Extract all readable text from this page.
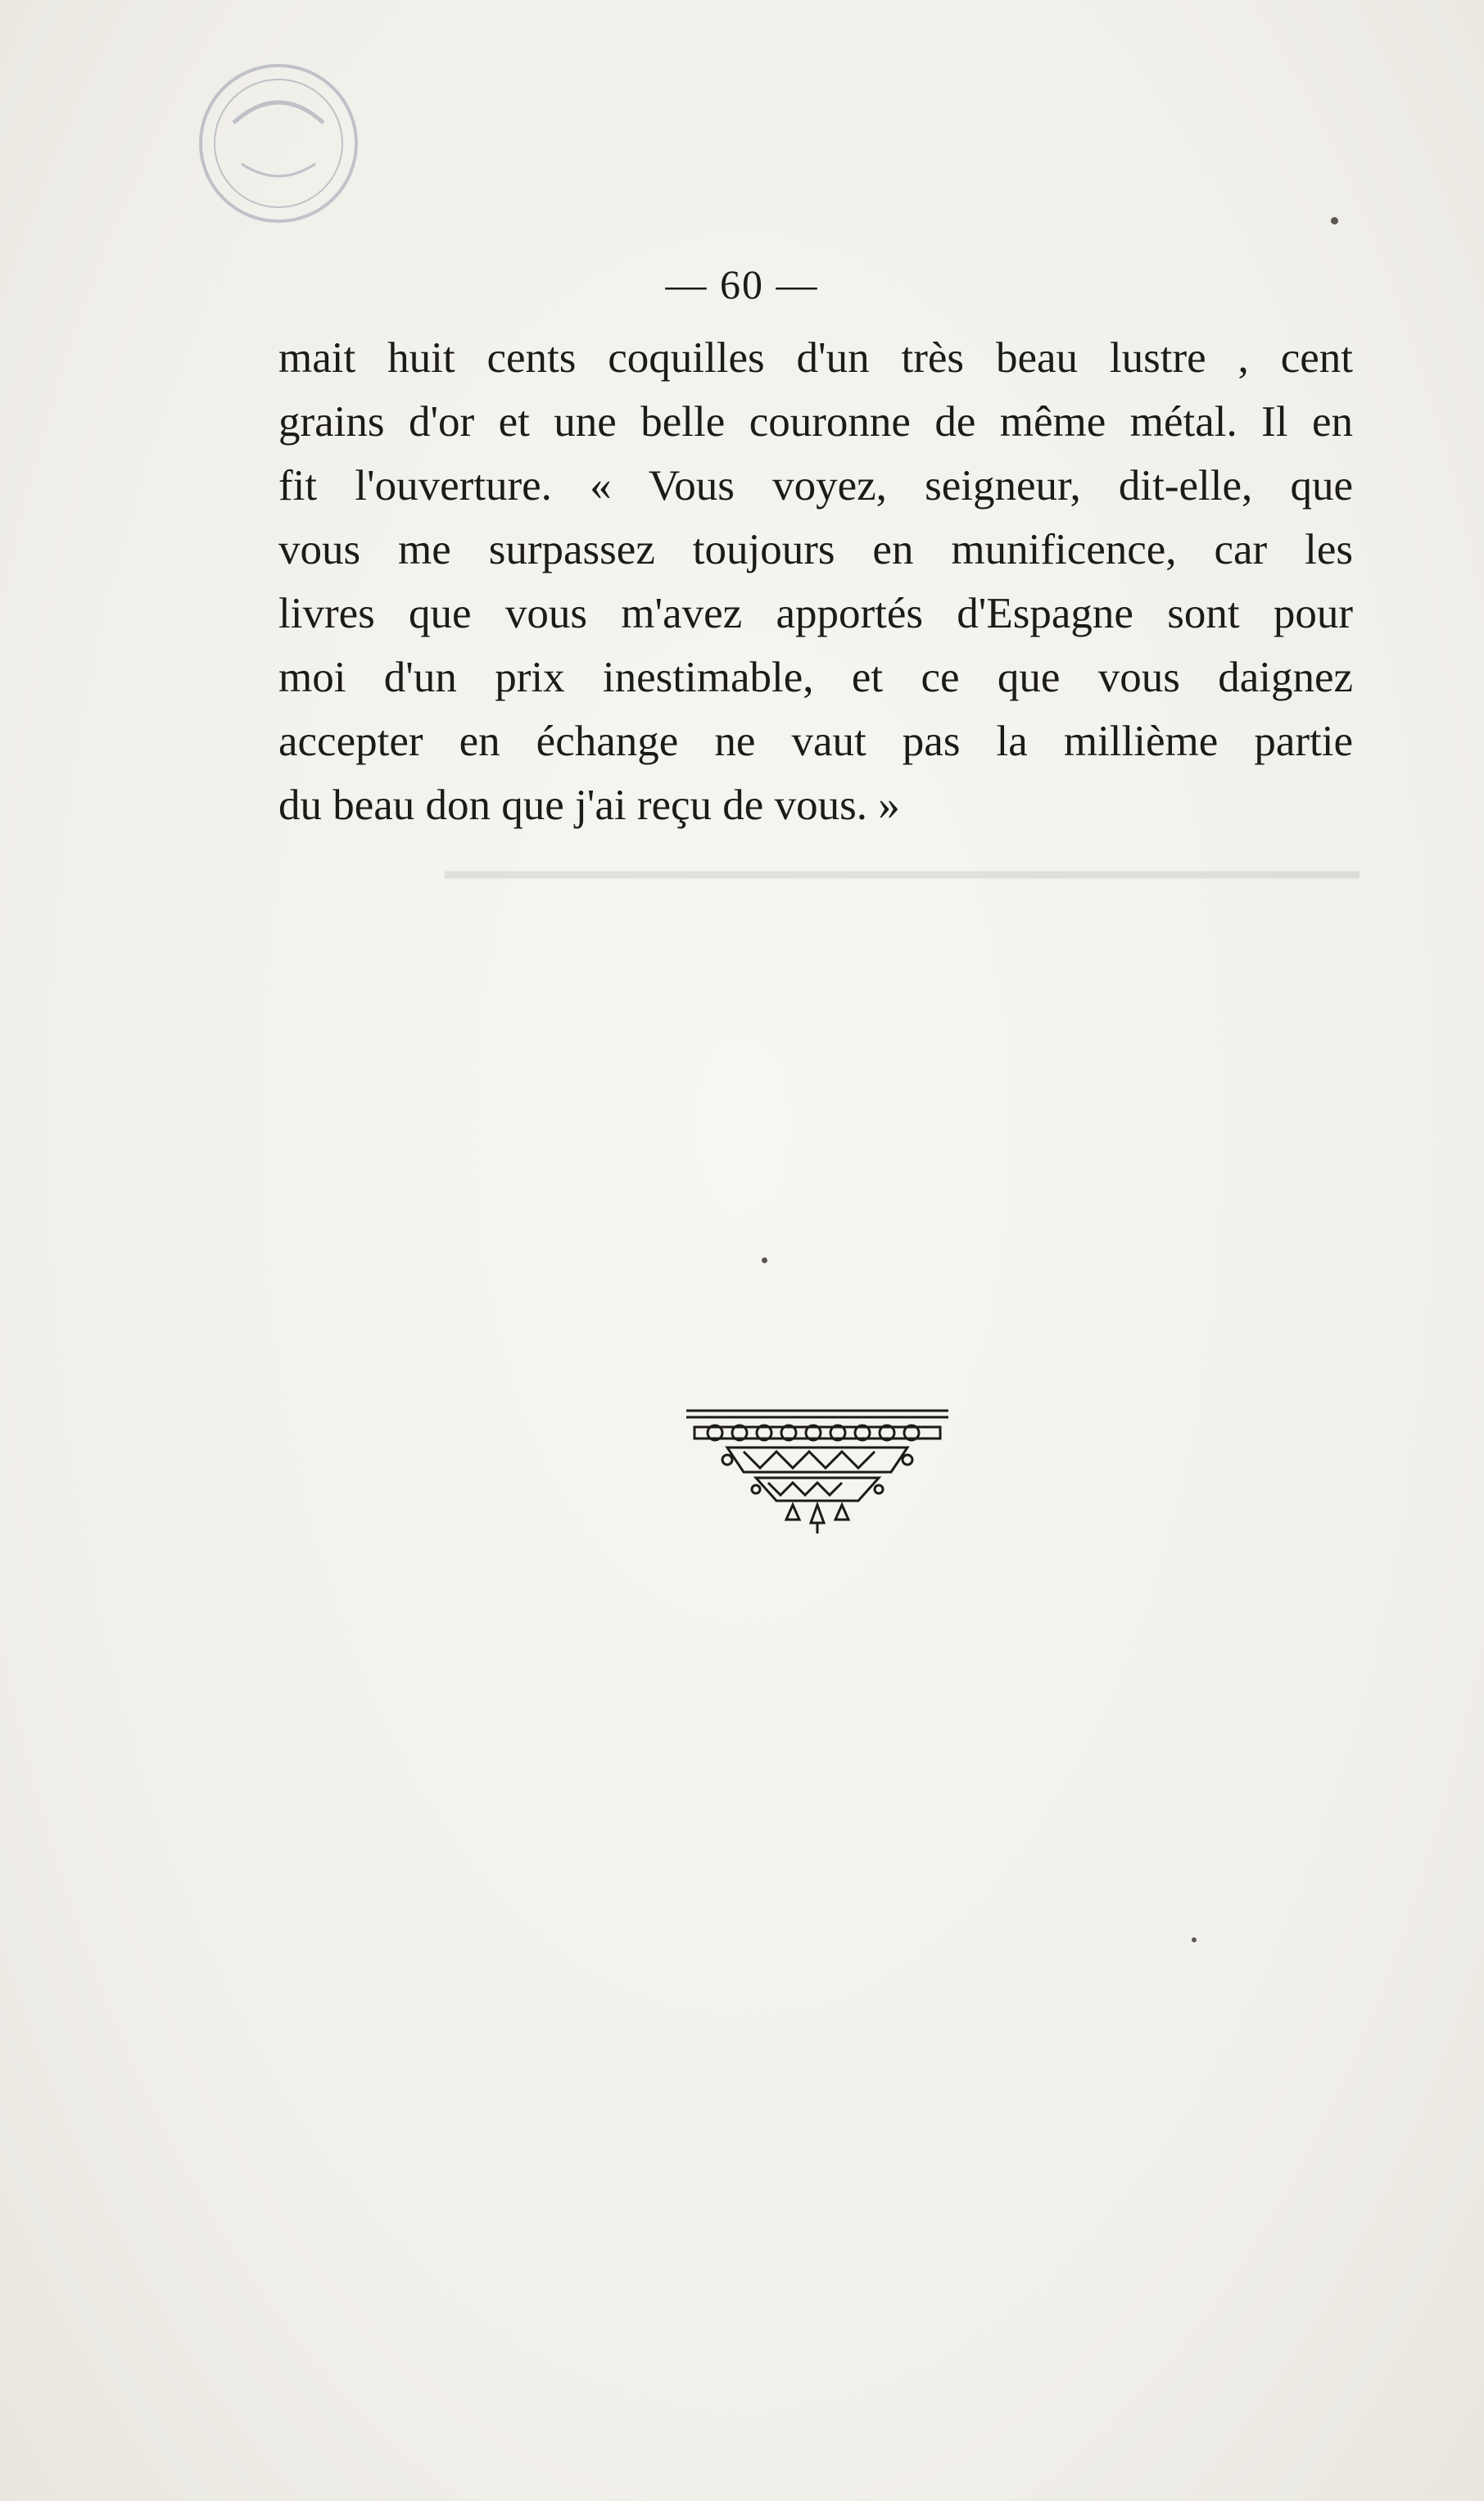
━━━━━━━━━━━━━━━━━━━━━━━━━━━━━━━━━━━
— 60 —
mait huit cents coquilles d'un très beau lustre , cent
grains d'or et une belle couronne de même métal. Il en
fit l'ouverture. « Vous voyez, seigneur, dit-elle, que
vous me surpassez toujours en munificence, car les
livres que vous m'avez apportés d'Espagne sont pour
moi d'un prix inestimable, et ce que vous daignez
accepter en échange ne vaut pas la millième partie
du beau don que j'ai reçu de vous. »
